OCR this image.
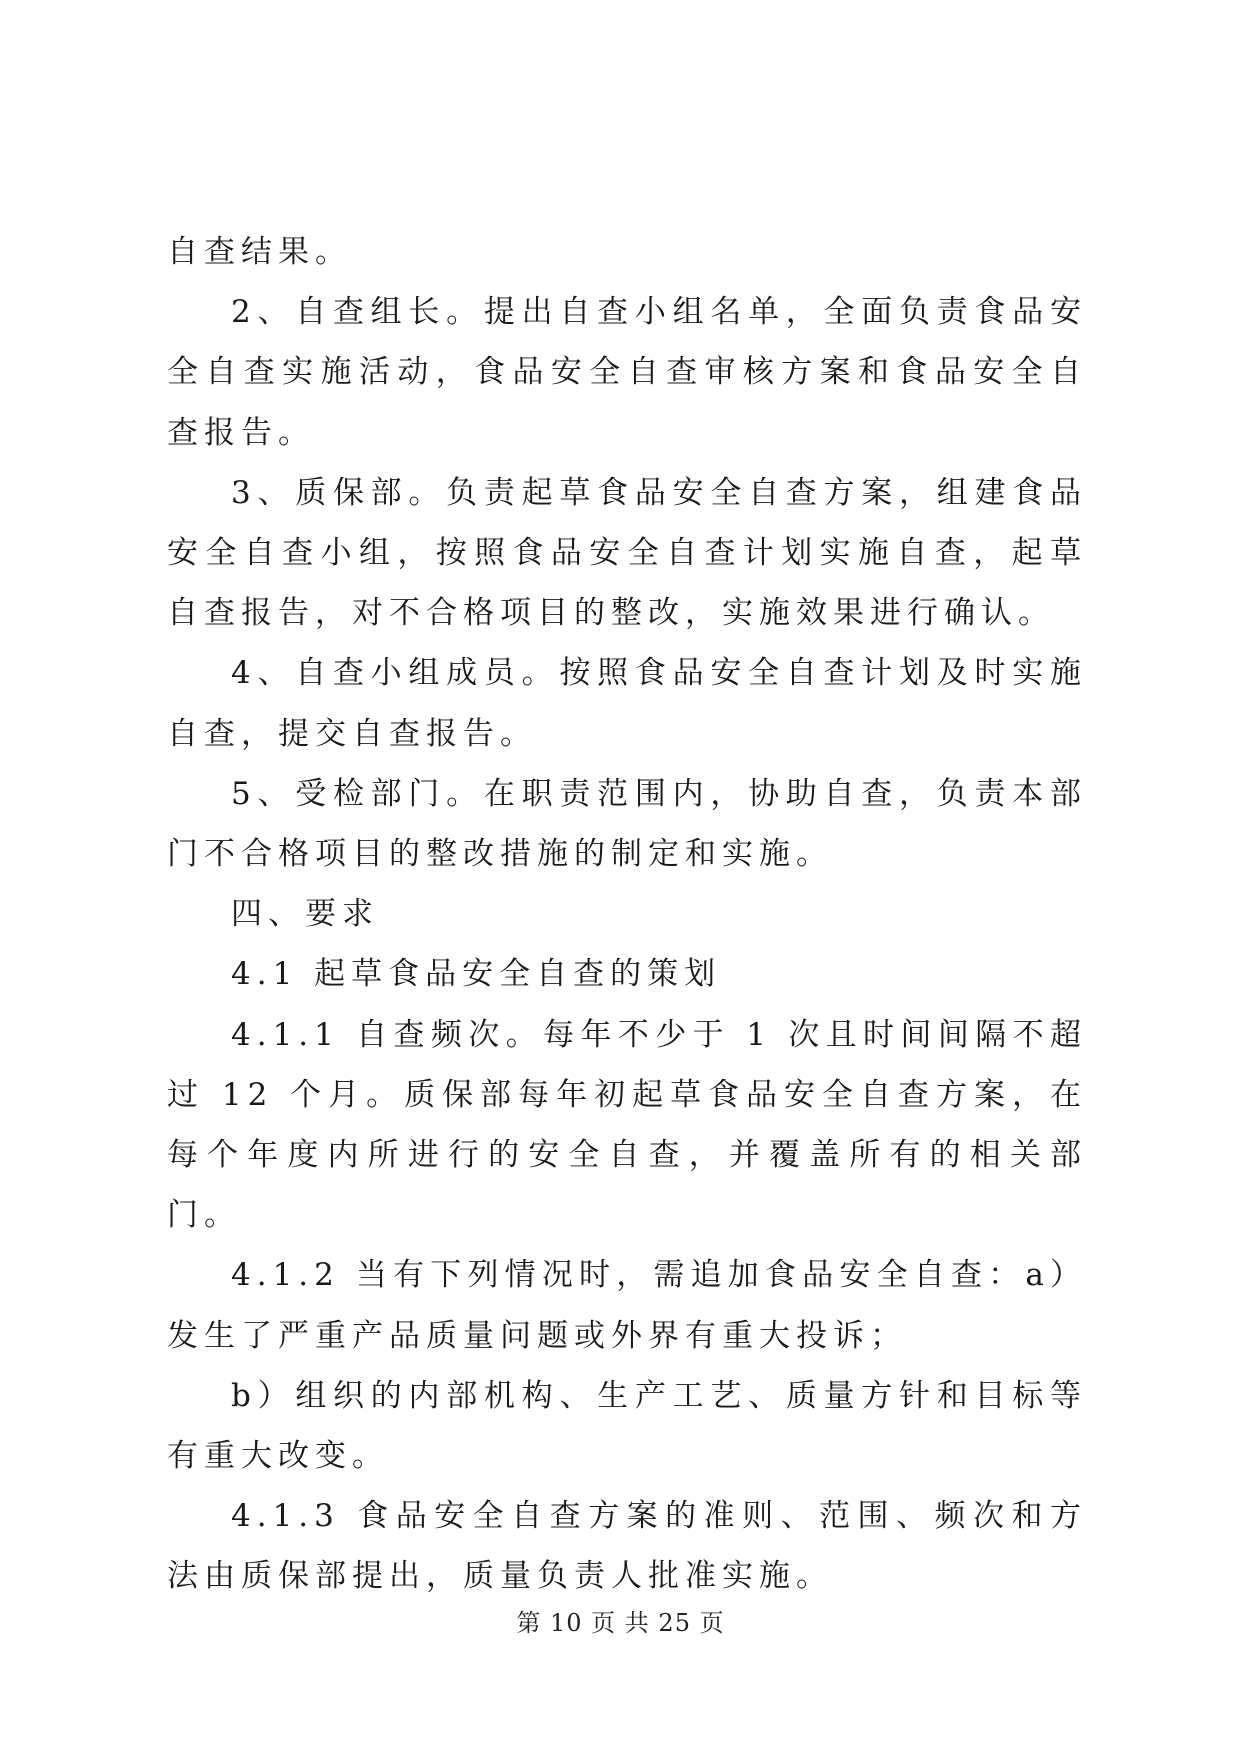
自查结果。

2、自查组长。提出自查小组名单，全面负责食品安全自查实施活动，食品安全自查审核方案和食品安全自查报告。

3、质保部。负责起草食品安全自查方案，组建食品安全自查小组，按照食品安全自查计划实施自查，起草自查报告，对不合格项目的整改，实施效果进行确认。

4、自查小组成员。按照食品安全自查计划及时实施自查，提交自查报告。

5、受检部门。在职责范围内，协助自查，负责本部门不合格项目的整改措施的制定和实施。

四、要求

4.1 起草食品安全自查的策划

4.1.1 自查频次。每年不少于 1 次且时间间隔不超过 12 个月。质保部每年初起草食品安全自查方案，在每个年度内所进行的安全自查，并覆盖所有的相关部门。

4.1.2 当有下列情况时，需追加食品安全自查：a）发生了严重产品质量问题或外界有重大投诉；

b）组织的内部机构、生产工艺、质量方针和目标等有重大改变。

4.1.3 食品安全自查方案的准则、范围、频次和方法由质保部提出，质量负责人批准实施。

第 10 页 共 25 页
